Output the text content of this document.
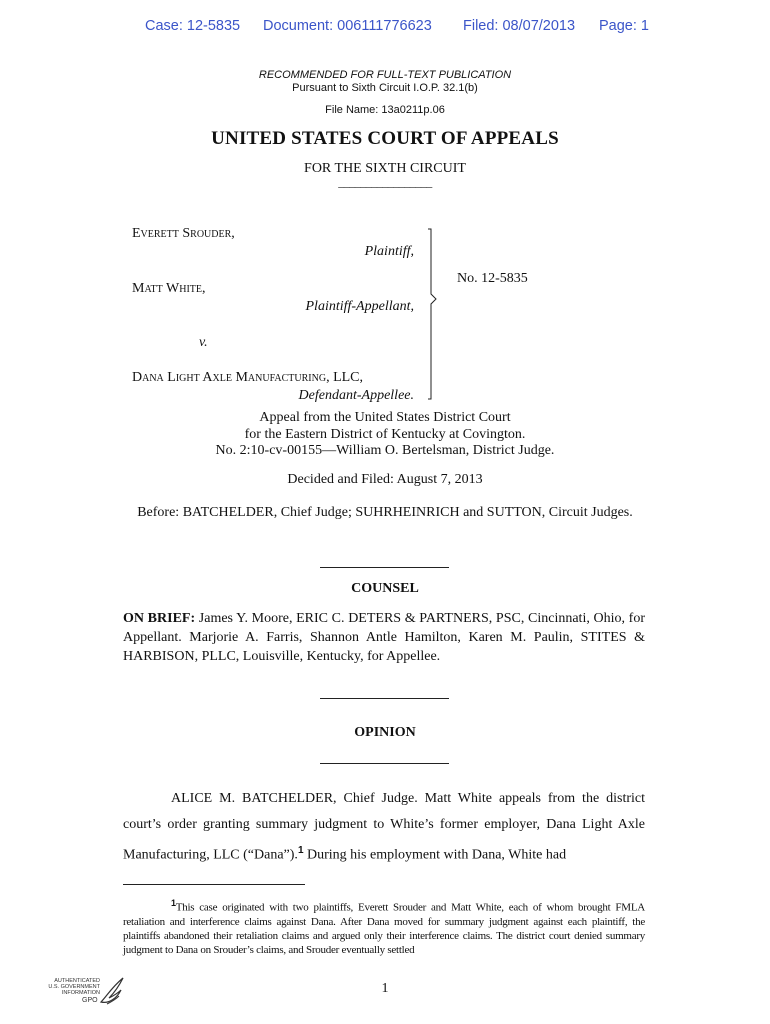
Case: 12-5835 Document: 006111776623 Filed: 08/07/2013 Page: 1
RECOMMENDED FOR FULL-TEXT PUBLICATION
Pursuant to Sixth Circuit I.O.P. 32.1(b)
File Name: 13a0211p.06
UNITED STATES COURT OF APPEALS
FOR THE SIXTH CIRCUIT
_________________
Everett Srouder,
Plaintiff,
Matt White,
Plaintiff-Appellant,
v.
Dana Light Axle Manufacturing, LLC,
Defendant-Appellee.
No. 12-5835
Appeal from the United States District Court
for the Eastern District of Kentucky at Covington.
No. 2:10-cv-00155—William O. Bertelsman, District Judge.
Decided and Filed: August 7, 2013
Before: BATCHELDER, Chief Judge; SUHRHEINRICH and SUTTON, Circuit Judges.
COUNSEL
ON BRIEF: James Y. Moore, ERIC C. DETERS & PARTNERS, PSC, Cincinnati, Ohio, for Appellant. Marjorie A. Farris, Shannon Antle Hamilton, Karen M. Paulin, STITES & HARBISON, PLLC, Louisville, Kentucky, for Appellee.
OPINION
ALICE M. BATCHELDER, Chief Judge. Matt White appeals from the district court’s order granting summary judgment to White’s former employer, Dana Light Axle Manufacturing, LLC (“Dana”).$^1$ During his employment with Dana, White had
$^1$This case originated with two plaintiffs, Everett Srouder and Matt White, each of whom brought FMLA retaliation and interference claims against Dana. After Dana moved for summary judgment against each plaintiff, the plaintiffs abandoned their retaliation claims and argued only their interference claims. The district court denied summary judgment to Dana on Srouder’s claims, and Srouder eventually settled
1
AUTHENTICATED
U.S. GOVERNMENT
INFORMATION
GPO
